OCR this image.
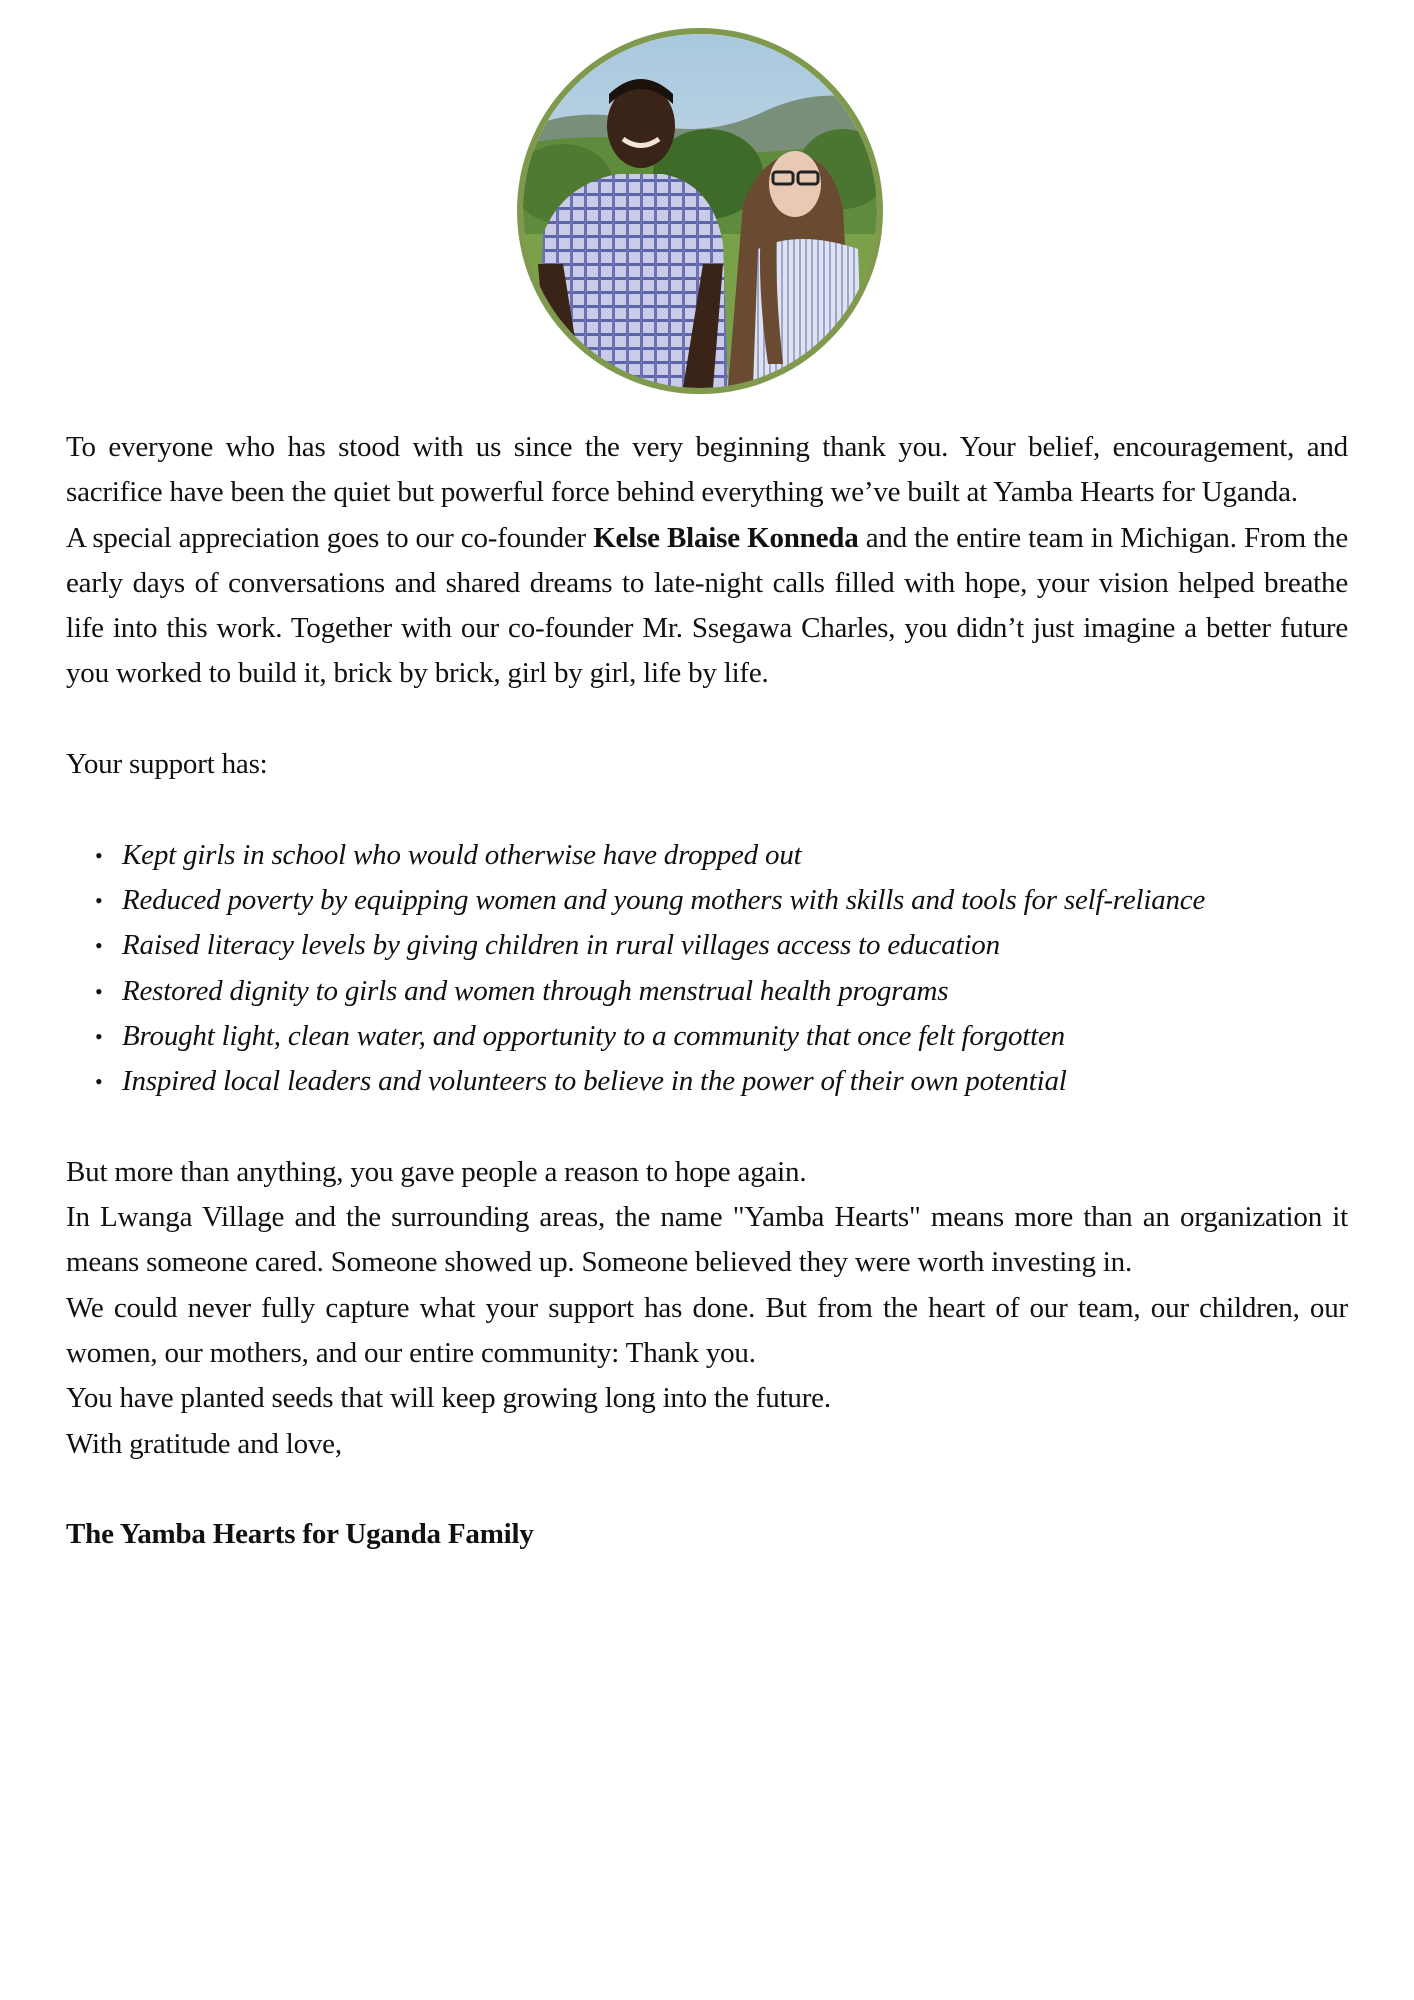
To everyone who has stood with us since the very beginning thank you. Your belief, encouragement, and sacrifice have been the quiet but powerful force behind everything we’ve built at Yamba Hearts for Uganda.

A special appreciation goes to our co-founder Kelse Blaise Konneda and the entire team in Michigan. From the early days of conversations and shared dreams to late-night calls filled with hope, your vision helped breathe life into this work. Together with our co-founder Mr. Ssegawa Charles, you didn’t just imagine a better future you worked to build it, brick by brick, girl by girl, life by life.

Your support has:

• Kept girls in school who would otherwise have dropped out
• Reduced poverty by equipping women and young mothers with skills and tools for self-reliance
• Raised literacy levels by giving children in rural villages access to education
• Restored dignity to girls and women through menstrual health programs
• Brought light, clean water, and opportunity to a community that once felt forgotten
• Inspired local leaders and volunteers to believe in the power of their own potential

But more than anything, you gave people a reason to hope again.

In Lwanga Village and the surrounding areas, the name "Yamba Hearts" means more than an organization it means someone cared. Someone showed up. Someone believed they were worth investing in.

We could never fully capture what your support has done. But from the heart of our team, our children, our women, our mothers, and our entire community: Thank you.

You have planted seeds that will keep growing long into the future.

With gratitude and love,

The Yamba Hearts for Uganda Family
